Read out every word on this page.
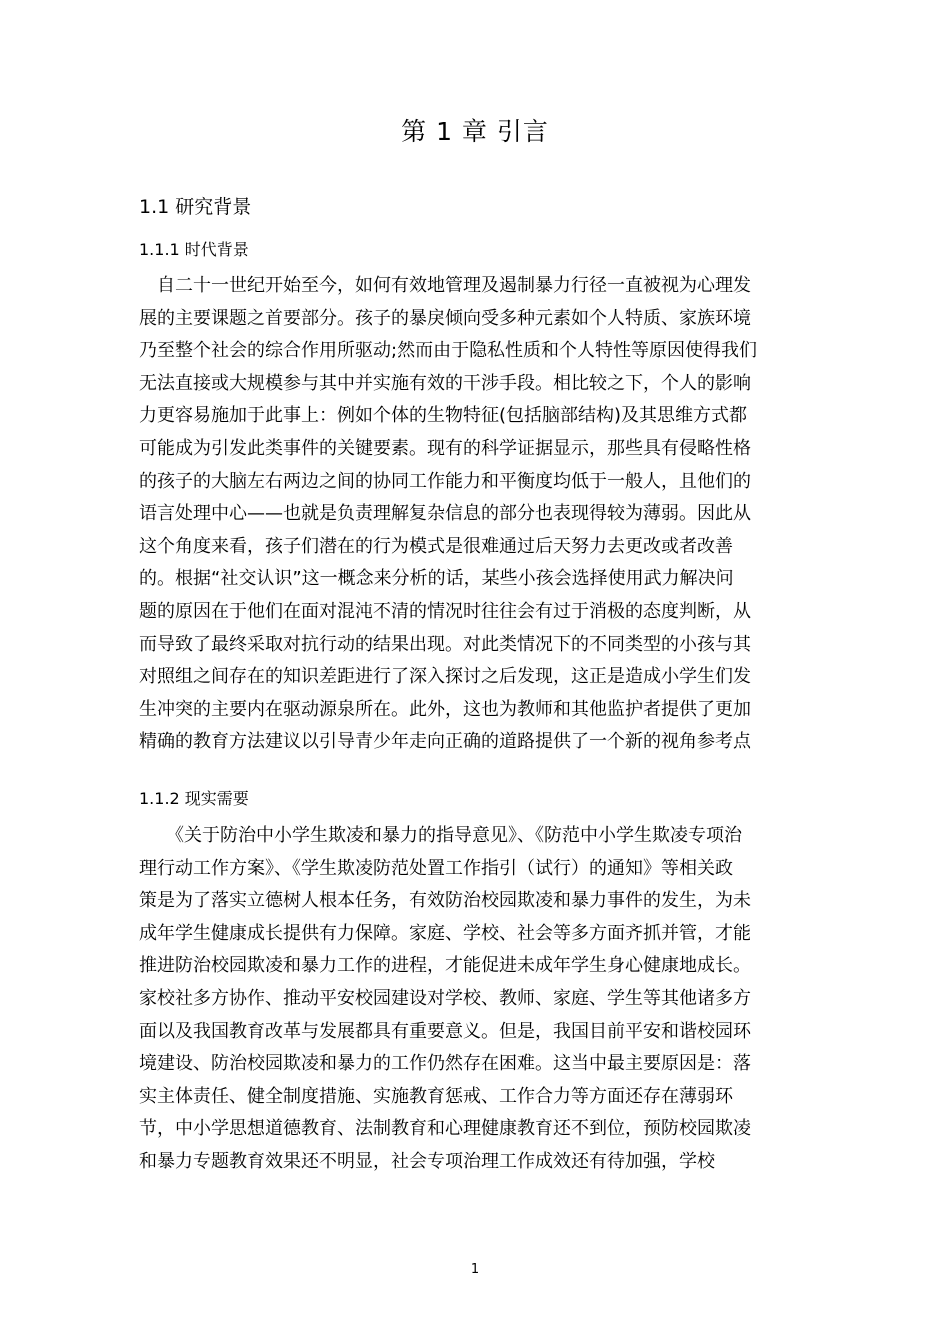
第 1 章 引言
1.1 研究背景
1.1.1 时代背景
　自二十一世纪开始至今，如何有效地管理及遏制暴力行径一直被视为心理发
展的主要课题之首要部分。孩子的暴戾倾向受多种元素如个人特质、家族环境
乃至整个社会的综合作用所驱动;然而由于隐私性质和个人特性等原因使得我们
无法直接或大规模参与其中并实施有效的干涉手段。相比较之下，个人的影响
力更容易施加于此事上：例如个体的生物特征(包括脑部结构)及其思维方式都
可能成为引发此类事件的关键要素。现有的科学证据显示，那些具有侵略性格
的孩子的大脑左右两边之间的协同工作能力和平衡度均低于一般人，且他们的
语言处理中心——也就是负责理解复杂信息的部分也表现得较为薄弱。因此从
这个角度来看，孩子们潜在的行为模式是很难通过后天努力去更改或者改善
的。根据“社交认识”这一概念来分析的话，某些小孩会选择使用武力解决问
题的原因在于他们在面对混沌不清的情况时往往会有过于消极的态度判断，从
而导致了最终采取对抗行动的结果出现。对此类情况下的不同类型的小孩与其
对照组之间存在的知识差距进行了深入探讨之后发现，这正是造成小学生们发
生冲突的主要内在驱动源泉所在。此外，这也为教师和其他监护者提供了更加
精确的教育方法建议以引导青少年走向正确的道路提供了一个新的视角参考点
1.1.2 现实需要
　　《关于防治中小学生欺凌和暴力的指导意见》、《防范中小学生欺凌专项治
理行动工作方案》、《学生欺凌防范处置工作指引（试行）的通知》等相关政
策是为了落实立德树人根本任务，有效防治校园欺凌和暴力事件的发生，为未
成年学生健康成长提供有力保障。家庭、学校、社会等多方面齐抓并管，才能
推进防治校园欺凌和暴力工作的进程，才能促进未成年学生身心健康地成长。
家校社多方协作、推动平安校园建设对学校、教师、家庭、学生等其他诸多方
面以及我国教育改革与发展都具有重要意义。但是，我国目前平安和谐校园环
境建设、防治校园欺凌和暴力的工作仍然存在困难。这当中最主要原因是：落
实主体责任、健全制度措施、实施教育惩戒、工作合力等方面还存在薄弱环
节，中小学思想道德教育、法制教育和心理健康教育还不到位，预防校园欺凌
和暴力专题教育效果还不明显，社会专项治理工作成效还有待加强，学校
1
